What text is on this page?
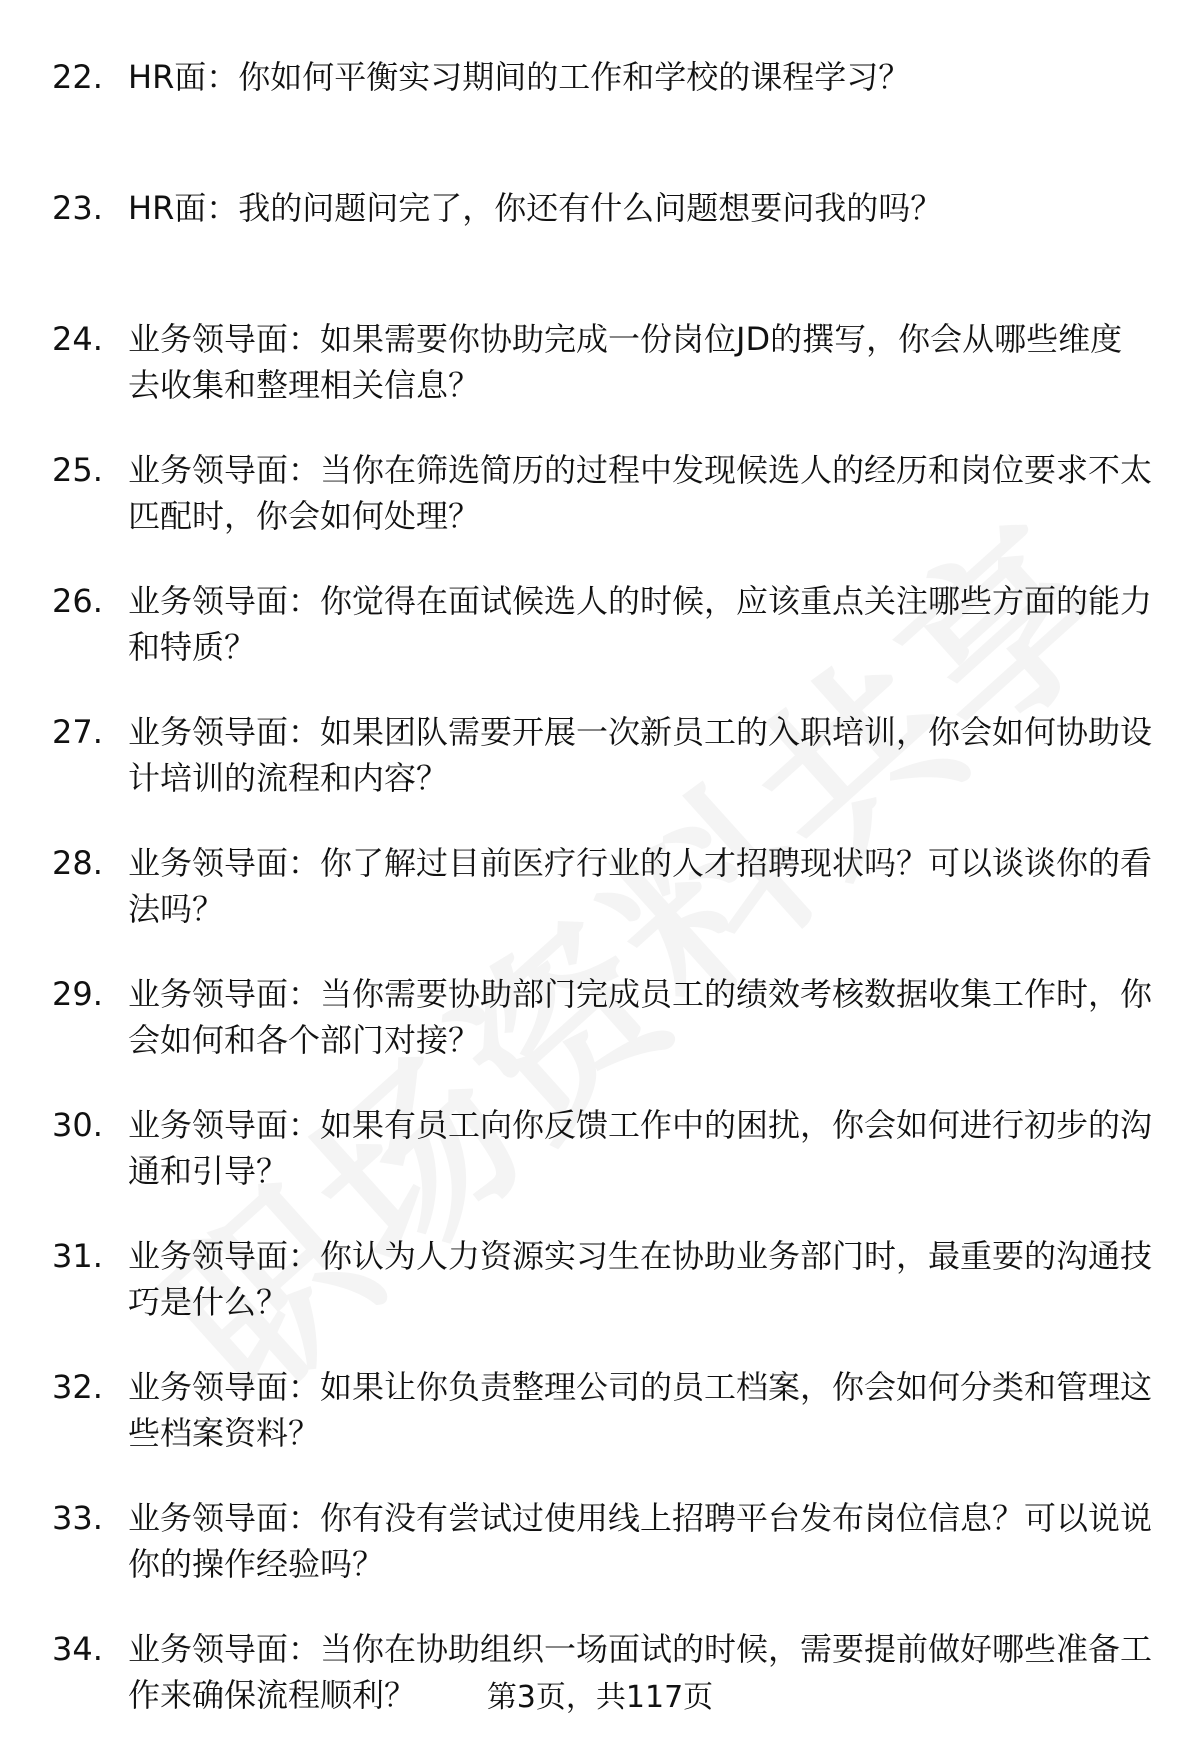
22. HR面：你如何平衡实习期间的工作和学校的课程学习？
23. HR面：我的问题问完了，你还有什么问题想要问我的吗？
24. 业务领导面：如果需要你协助完成一份岗位JD的撰写，你会从哪些维度去收集和整理相关信息？
25. 业务领导面：当你在筛选简历的过程中发现候选人的经历和岗位要求不太匹配时，你会如何处理？
26. 业务领导面：你觉得在面试候选人的时候，应该重点关注哪些方面的能力和特质？
27. 业务领导面：如果团队需要开展一次新员工的入职培训，你会如何协助设计培训的流程和内容？
28. 业务领导面：你了解过目前医疗行业的人才招聘现状吗？可以谈谈你的看法吗？
29. 业务领导面：当你需要协助部门完成员工的绩效考核数据收集工作时，你会如何和各个部门对接？
30. 业务领导面：如果有员工向你反馈工作中的困扰，你会如何进行初步的沟通和引导？
31. 业务领导面：你认为人力资源实习生在协助业务部门时，最重要的沟通技巧是什么？
32. 业务领导面：如果让你负责整理公司的员工档案，你会如何分类和管理这些档案资料？
33. 业务领导面：你有没有尝试过使用线上招聘平台发布岗位信息？可以说说你的操作经验吗？
34. 业务领导面：当你在协助组织一场面试的时候，需要提前做好哪些准备工作来确保流程顺利？	第3页，共117页
